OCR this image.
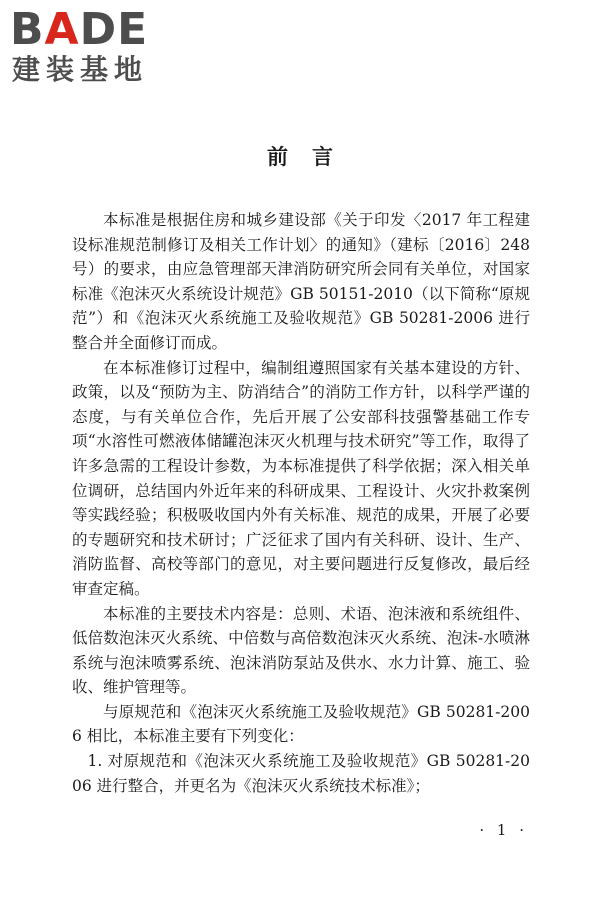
BADE
建装基地
前言

本标准是根据住房和城乡建设部《关于印发〈2017 年工程建设标准规范制修订及相关工作计划〉的通知》（建标〔2016〕248 号）的要求，由应急管理部天津消防研究所会同有关单位，对国家标准《泡沫灭火系统设计规范》GB 50151-2010（以下简称“原规范”）和《泡沫灭火系统施工及验收规范》GB 50281-2006 进行整合并全面修订而成。

在本标准修订过程中，编制组遵照国家有关基本建设的方针、政策，以及“预防为主、防消结合”的消防工作方针，以科学严谨的态度，与有关单位合作，先后开展了公安部科技强警基础工作专项“水溶性可燃液体储罐泡沫灭火机理与技术研究”等工作，取得了许多急需的工程设计参数，为本标准提供了科学依据；深入相关单位调研，总结国内外近年来的科研成果、工程设计、火灾扑救案例等实践经验；积极吸收国内外有关标准、规范的成果，开展了必要的专题研究和技术研讨；广泛征求了国内有关科研、设计、生产、消防监督、高校等部门的意见，对主要问题进行反复修改，最后经审查定稿。

本标准的主要技术内容是：总则、术语、泡沫液和系统组件、低倍数泡沫灭火系统、中倍数与高倍数泡沫灭火系统、泡沫-水喷淋系统与泡沫喷雾系统、泡沫消防泵站及供水、水力计算、施工、验收、维护管理等。

与原规范和《泡沫灭火系统施工及验收规范》GB 50281-2006 相比，本标准主要有下列变化：

1. 对原规范和《泡沫灭火系统施工及验收规范》GB 50281-2006 进行整合，并更名为《泡沫灭火系统技术标准》；

· 1 ·
